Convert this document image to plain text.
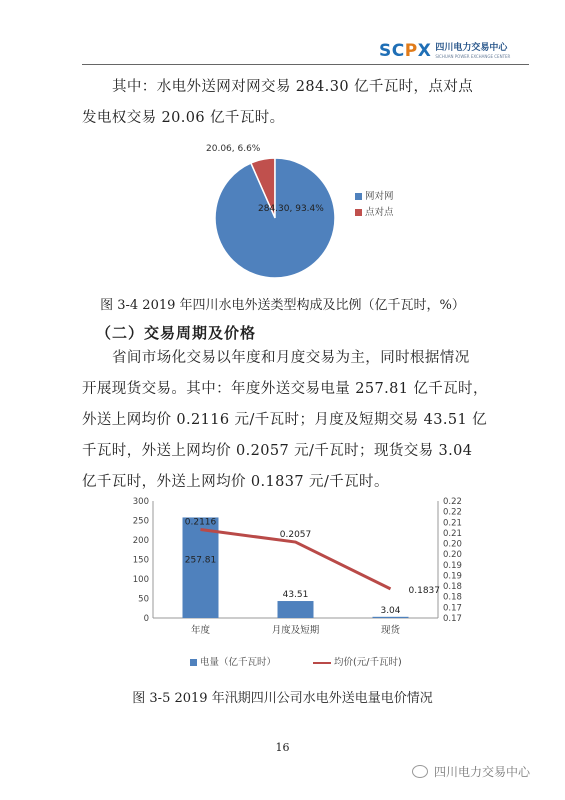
SCPX 四川电力交易中心
SICHUAN POWER EXCHANGE CENTER

其中：水电外送网对网交易 284.30 亿千瓦时，点对点
发电权交易 20.06 亿千瓦时。

20.06, 6.6%
284.30, 93.4%
网对网
点对点
图 3-4 2019 年四川水电外送类型构成及比例（亿千瓦时，%）
（二）交易周期及价格

省间市场化交易以年度和月度交易为主，同时根据情况
开展现货交易。其中：年度外送交易电量 257.81 亿千瓦时，
外送上网均价 0.2116 元/千瓦时；月度及短期交易 43.51 亿
千瓦时，外送上网均价 0.2057 元/千瓦时；现货交易 3.04
亿千瓦时，外送上网均价 0.1837 元/千瓦时。

300
250
200
150
100
50
0
0.22
0.22
0.21
0.21
0.20
0.20
0.19
0.19
0.18
0.18
0.17
0.17
257.81
43.51
3.04
0.2116
0.2057
0.1837
年度	月度及短期	现货
电量（亿千瓦时）	均价(元/千瓦时)
图 3-5 2019 年汛期四川公司水电外送电量电价情况
16
四川电力交易中心
